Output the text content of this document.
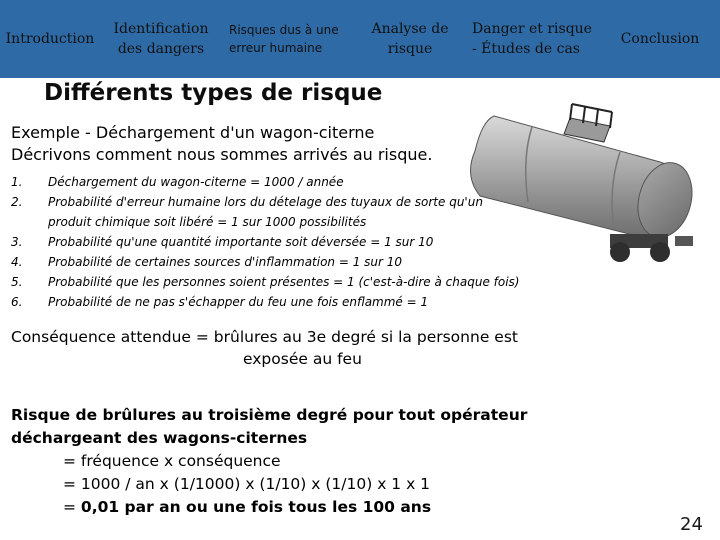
Introduction
Identification
des dangers
Risques dus à une
erreur humaine
Analyse de
risque
Danger et risque
- Études de cas
Conclusion
Différents types de risque
Exemple - Déchargement d'un wagon-citerne
Décrivons comment nous sommes arrivés au risque.
1.	Déchargement du wagon-citerne = 1000 / année
2.	Probabilité d'erreur humaine lors du dételage des tuyaux de sorte qu'un produit chimique soit libéré = 1 sur 1000 possibilités
3.	Probabilité qu'une quantité importante soit déversée = 1 sur 10
4.	Probabilité de certaines sources d'inflammation = 1 sur 10
5.	Probabilité que les personnes soient présentes = 1 (c'est-à-dire à chaque fois)
6.	Probabilité de ne pas s'échapper du feu une fois enflammé = 1
Conséquence attendue = brûlures au 3e degré si la personne est
exposée au feu
Risque de brûlures au troisième degré pour tout opérateur
déchargeant des wagons-citernes
= fréquence x conséquence
= 1000 / an x (1/1000) x (1/10) x (1/10) x 1 x 1
= 0,01 par an ou une fois tous les 100 ans
24
